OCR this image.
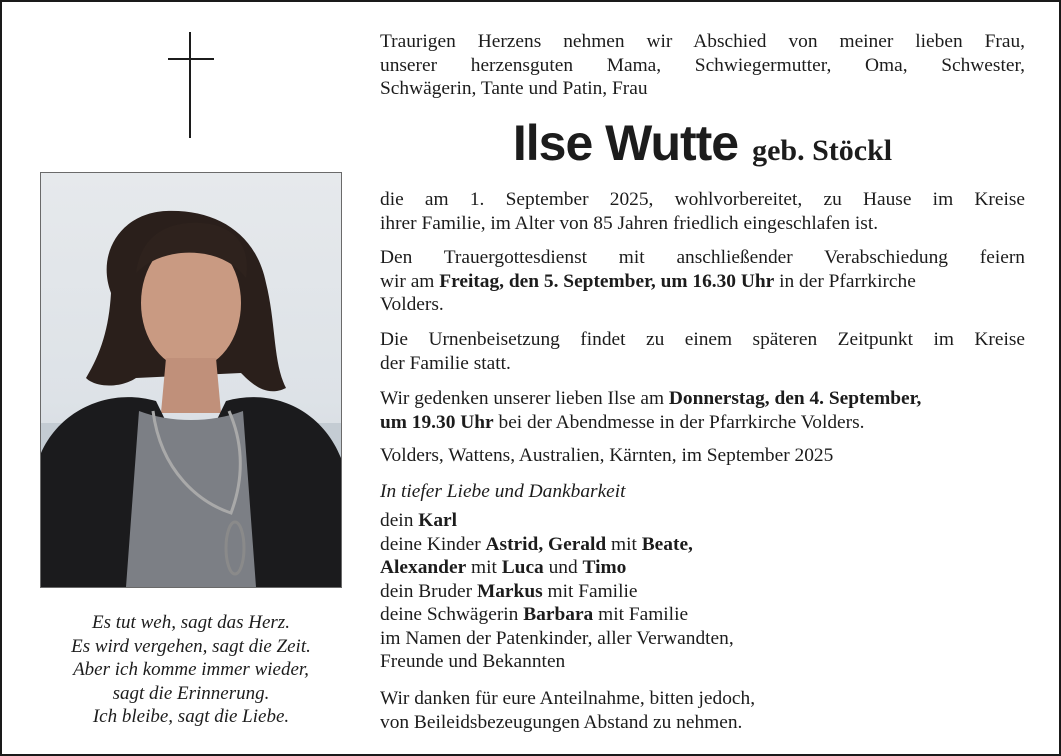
Es tut weh, sagt das Herz.
Es wird vergehen, sagt die Zeit.
Aber ich komme immer wieder,
sagt die Erinnerung.
Ich bleibe, sagt die Liebe.
Traurigen Herzens nehmen wir Abschied von meiner lieben Frau,
unserer herzensguten Mama, Schwiegermutter, Oma, Schwester,
Schwägerin, Tante und Patin, Frau
Ilse Wutte geb. Stöckl
die am 1. September 2025, wohlvorbereitet, zu Hause im Kreise
ihrer Familie, im Alter von 85 Jahren friedlich eingeschlafen ist.
Den Trauergottesdienst mit anschließender Verabschiedung feiern
wir am Freitag, den 5. September, um 16.30 Uhr in der Pfarrkirche
Volders.
Die Urnenbeisetzung findet zu einem späteren Zeitpunkt im Kreise
der Familie statt.
Wir gedenken unserer lieben Ilse am Donnerstag, den 4. September,
um 19.30 Uhr bei der Abendmesse in der Pfarrkirche Volders.
Volders, Wattens, Australien, Kärnten, im September 2025
In tiefer Liebe und Dankbarkeit
dein Karl
deine Kinder Astrid, Gerald mit Beate,
Alexander mit Luca und Timo
dein Bruder Markus mit Familie
deine Schwägerin Barbara mit Familie
im Namen der Patenkinder, aller Verwandten,
Freunde und Bekannten
Wir danken für eure Anteilnahme, bitten jedoch,
von Beileidsbezeugungen Abstand zu nehmen.
